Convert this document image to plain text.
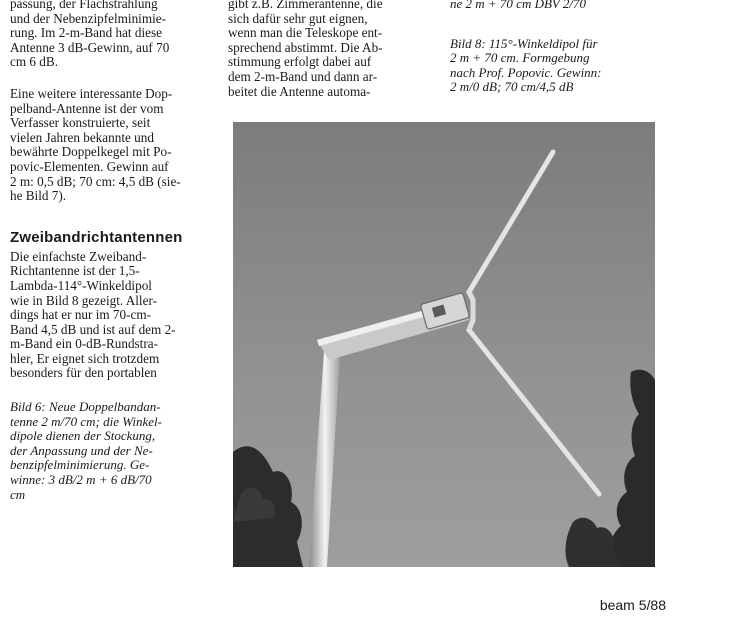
passung, der Flachstrahlung
und der Nebenzipfelminimie-
rung. Im 2-m-Band hat diese
Antenne 3 dB-Gewinn, auf 70
cm 6 dB.

Eine weitere interessante Dop-
pelband-Antenne ist der vom
Verfasser konstruierte, seit
vielen Jahren bekannte und
bewährte Doppelkegel mit Po-
povic-Elementen. Gewinn auf
2 m: 0,5 dB; 70 cm: 4,5 dB (sie-
he Bild 7).

Zweibandrichtantennen

Die einfachste Zweiband-
Richtantenne ist der 1,5-
Lambda-114°-Winkeldipol
wie in Bild 8 gezeigt. Aller-
dings hat er nur im 70-cm-
Band 4,5 dB und ist auf dem 2-
m-Band ein 0-dB-Rundstra-
hler, Er eignet sich trotzdem
besonders für den portablen

Bild 6: Neue Doppelbandan-
tenne 2 m/70 cm; die Winkel-
dipole dienen der Stockung,
der Anpassung und der Ne-
benzipfelminimierung. Ge-
winne: 3 dB/2 m + 6 dB/70
cm

gibt z.B. Zimmerantenne, die
sich dafür sehr gut eignen,
wenn man die Teleskope ent-
sprechend abstimmt. Die Ab-
stimmung erfolgt dabei auf
dem 2-m-Band und dann ar-
beitet die Antenne automa-

ne 2 m + 70 cm DBV 2/70

Bild 8: 115°-Winkeldipol für
2 m + 70 cm. Formgebung
nach Prof. Popovic. Gewinn:
2 m/0 dB; 70 cm/4,5 dB

beam 5/88
